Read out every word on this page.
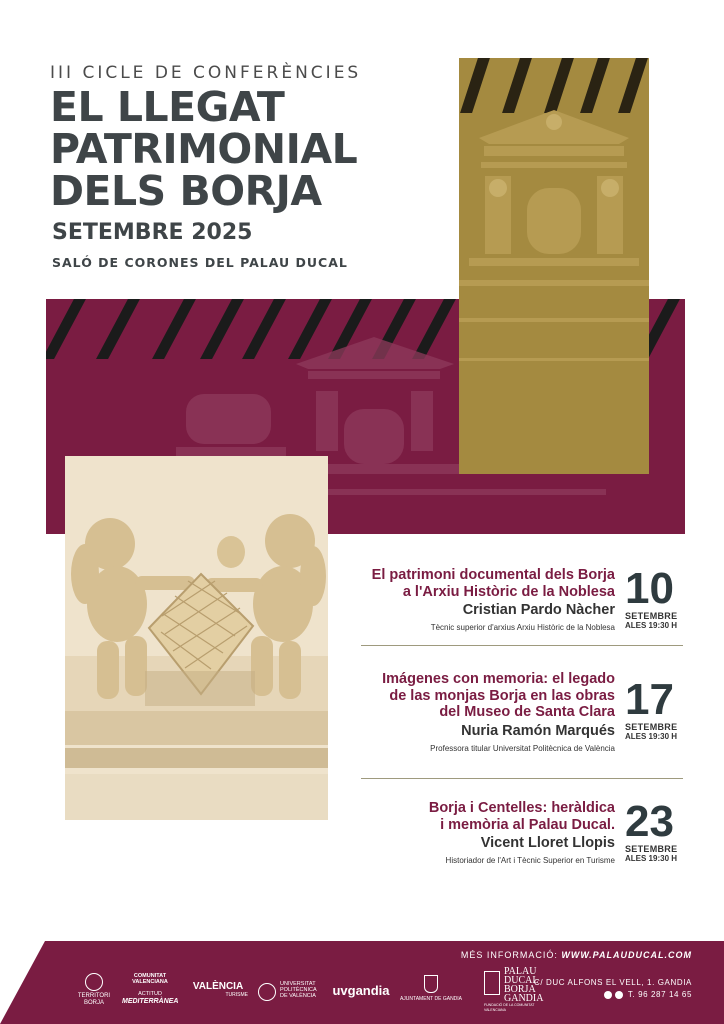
III CICLE DE CONFERÈNCIES
EL LLEGAT
PATRIMONIAL
DELS BORJA
SETEMBRE 2025
SALÓ DE CORONES DEL PALAU DUCAL
El patrimoni documental dels Borja
a l'Arxiu Històric de la Noblesa
Cristian Pardo Nàcher
Tècnic superior d'arxius Arxiu Històric de la Noblesa
10
SETEMBRE
ALES 19:30 H
Imágenes con memoria: el legado
de las monjas Borja en las obras
del Museo de Santa Clara
Nuria Ramón Marqués
Professora titular Universitat Politècnica de València
17
SETEMBRE
ALES 19:30 H
Borja i Centelles: heràldica
i memòria al Palau Ducal.
Vicent Lloret Llopis
Historiador de l'Art i Tècnic Superior en Turisme
23
SETEMBRE
ALES 19:30 H
MÉS INFORMACIÓ: WWW.PALAUDUCAL.COM
TERRITORI
BORJA
COMUNITAT
VALENCIANA
ACTITUD
MEDITERRÀNEA
VALÈNCIA
TURISME
UNIVERSITAT
POLITÈCNICA
DE VALÈNCIA	uvgandia
AJUNTAMENT DE GANDIA
PALAU
DUCAL
BORJA
GANDIA
FUNDACIÓ DE LA COMUNITAT VALENCIANA
C/ DUC ALFONS EL VELL, 1. GANDIA
T. 96 287 14 65
